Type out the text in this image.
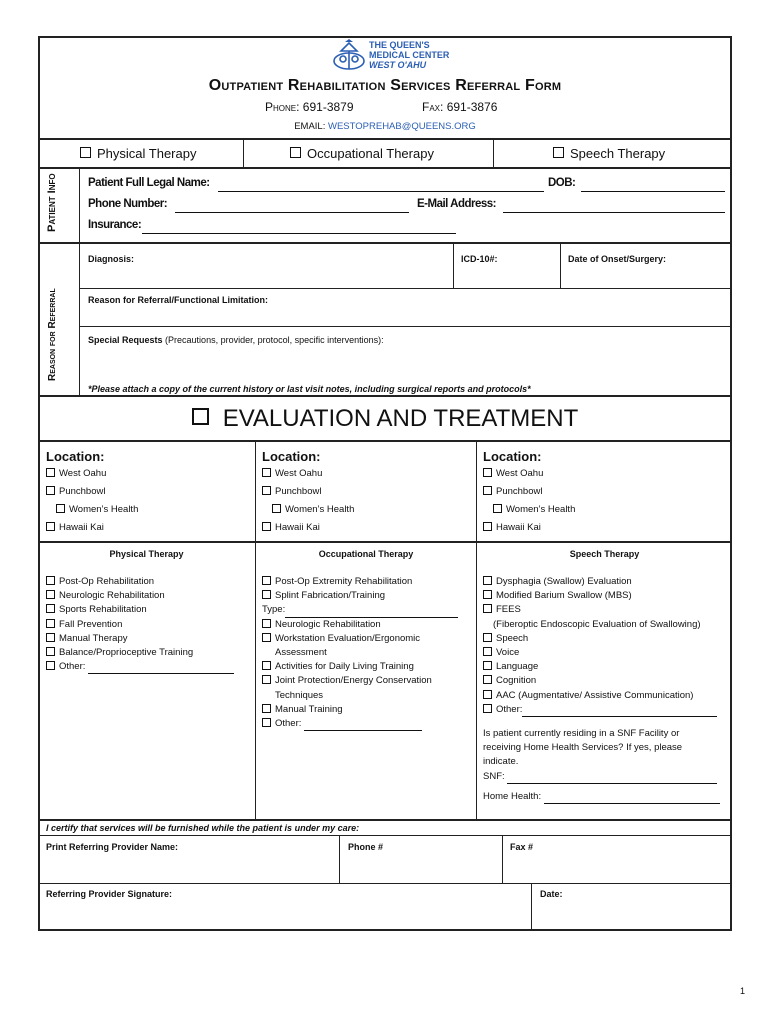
THE QUEEN'S
MEDICAL CENTER
WEST O'AHU
Outpatient Rehabilitation Services Referral Form
Phone: 691-3879	Fax: 691-3876
EMAIL: WESTOPREHAB@QUEENS.ORG
Physical Therapy	Occupational Therapy	Speech Therapy
Patient Info	Patient Full Legal Name:	DOB:
Phone Number:	E-Mail Address:
Insurance:
Reason for Referral
Diagnosis:	ICD-10#:	Date of Onset/Surgery:
Reason for Referral/Functional Limitation:
Special Requests (Precautions, provider, protocol, specific interventions):
*Please attach a copy of the current history or last visit notes, including surgical reports and protocols*
EVALUATION AND TREATMENT
Location:
West Oahu
Punchbowl
Women’s Health
Hawaii Kai
Location:
West Oahu
Punchbowl
Women’s Health
Hawaii Kai
Location:
West Oahu
Punchbowl
Women’s Health
Hawaii Kai
Physical Therapy	Occupational Therapy	Speech Therapy
Post-Op Rehabilitation
Neurologic Rehabilitation
Sports Rehabilitation
Fall Prevention
Manual Therapy
Balance/Proprioceptive Training
Other:
Post-Op Extremity Rehabilitation
Splint Fabrication/Training
Type:
Neurologic Rehabilitation
Workstation Evaluation/Ergonomic
Assessment
Activities for Daily Living Training
Joint Protection/Energy Conservation
Techniques
Manual Training
Other:
Dysphagia (Swallow) Evaluation
Modified Barium Swallow (MBS)
FEES
(Fiberoptic Endoscopic Evaluation of Swallowing)
Speech
Voice
Language
Cognition
AAC (Augmentative/ Assistive Communication)
Other:
Is patient currently residing in a SNF Facility or
receiving Home Health Services? If yes, please
indicate.
SNF:
Home Health:
I certify that services will be furnished while the patient is under my care:
Print Referring Provider Name:	Phone #	Fax #
Referring Provider Signature:	Date:
1
